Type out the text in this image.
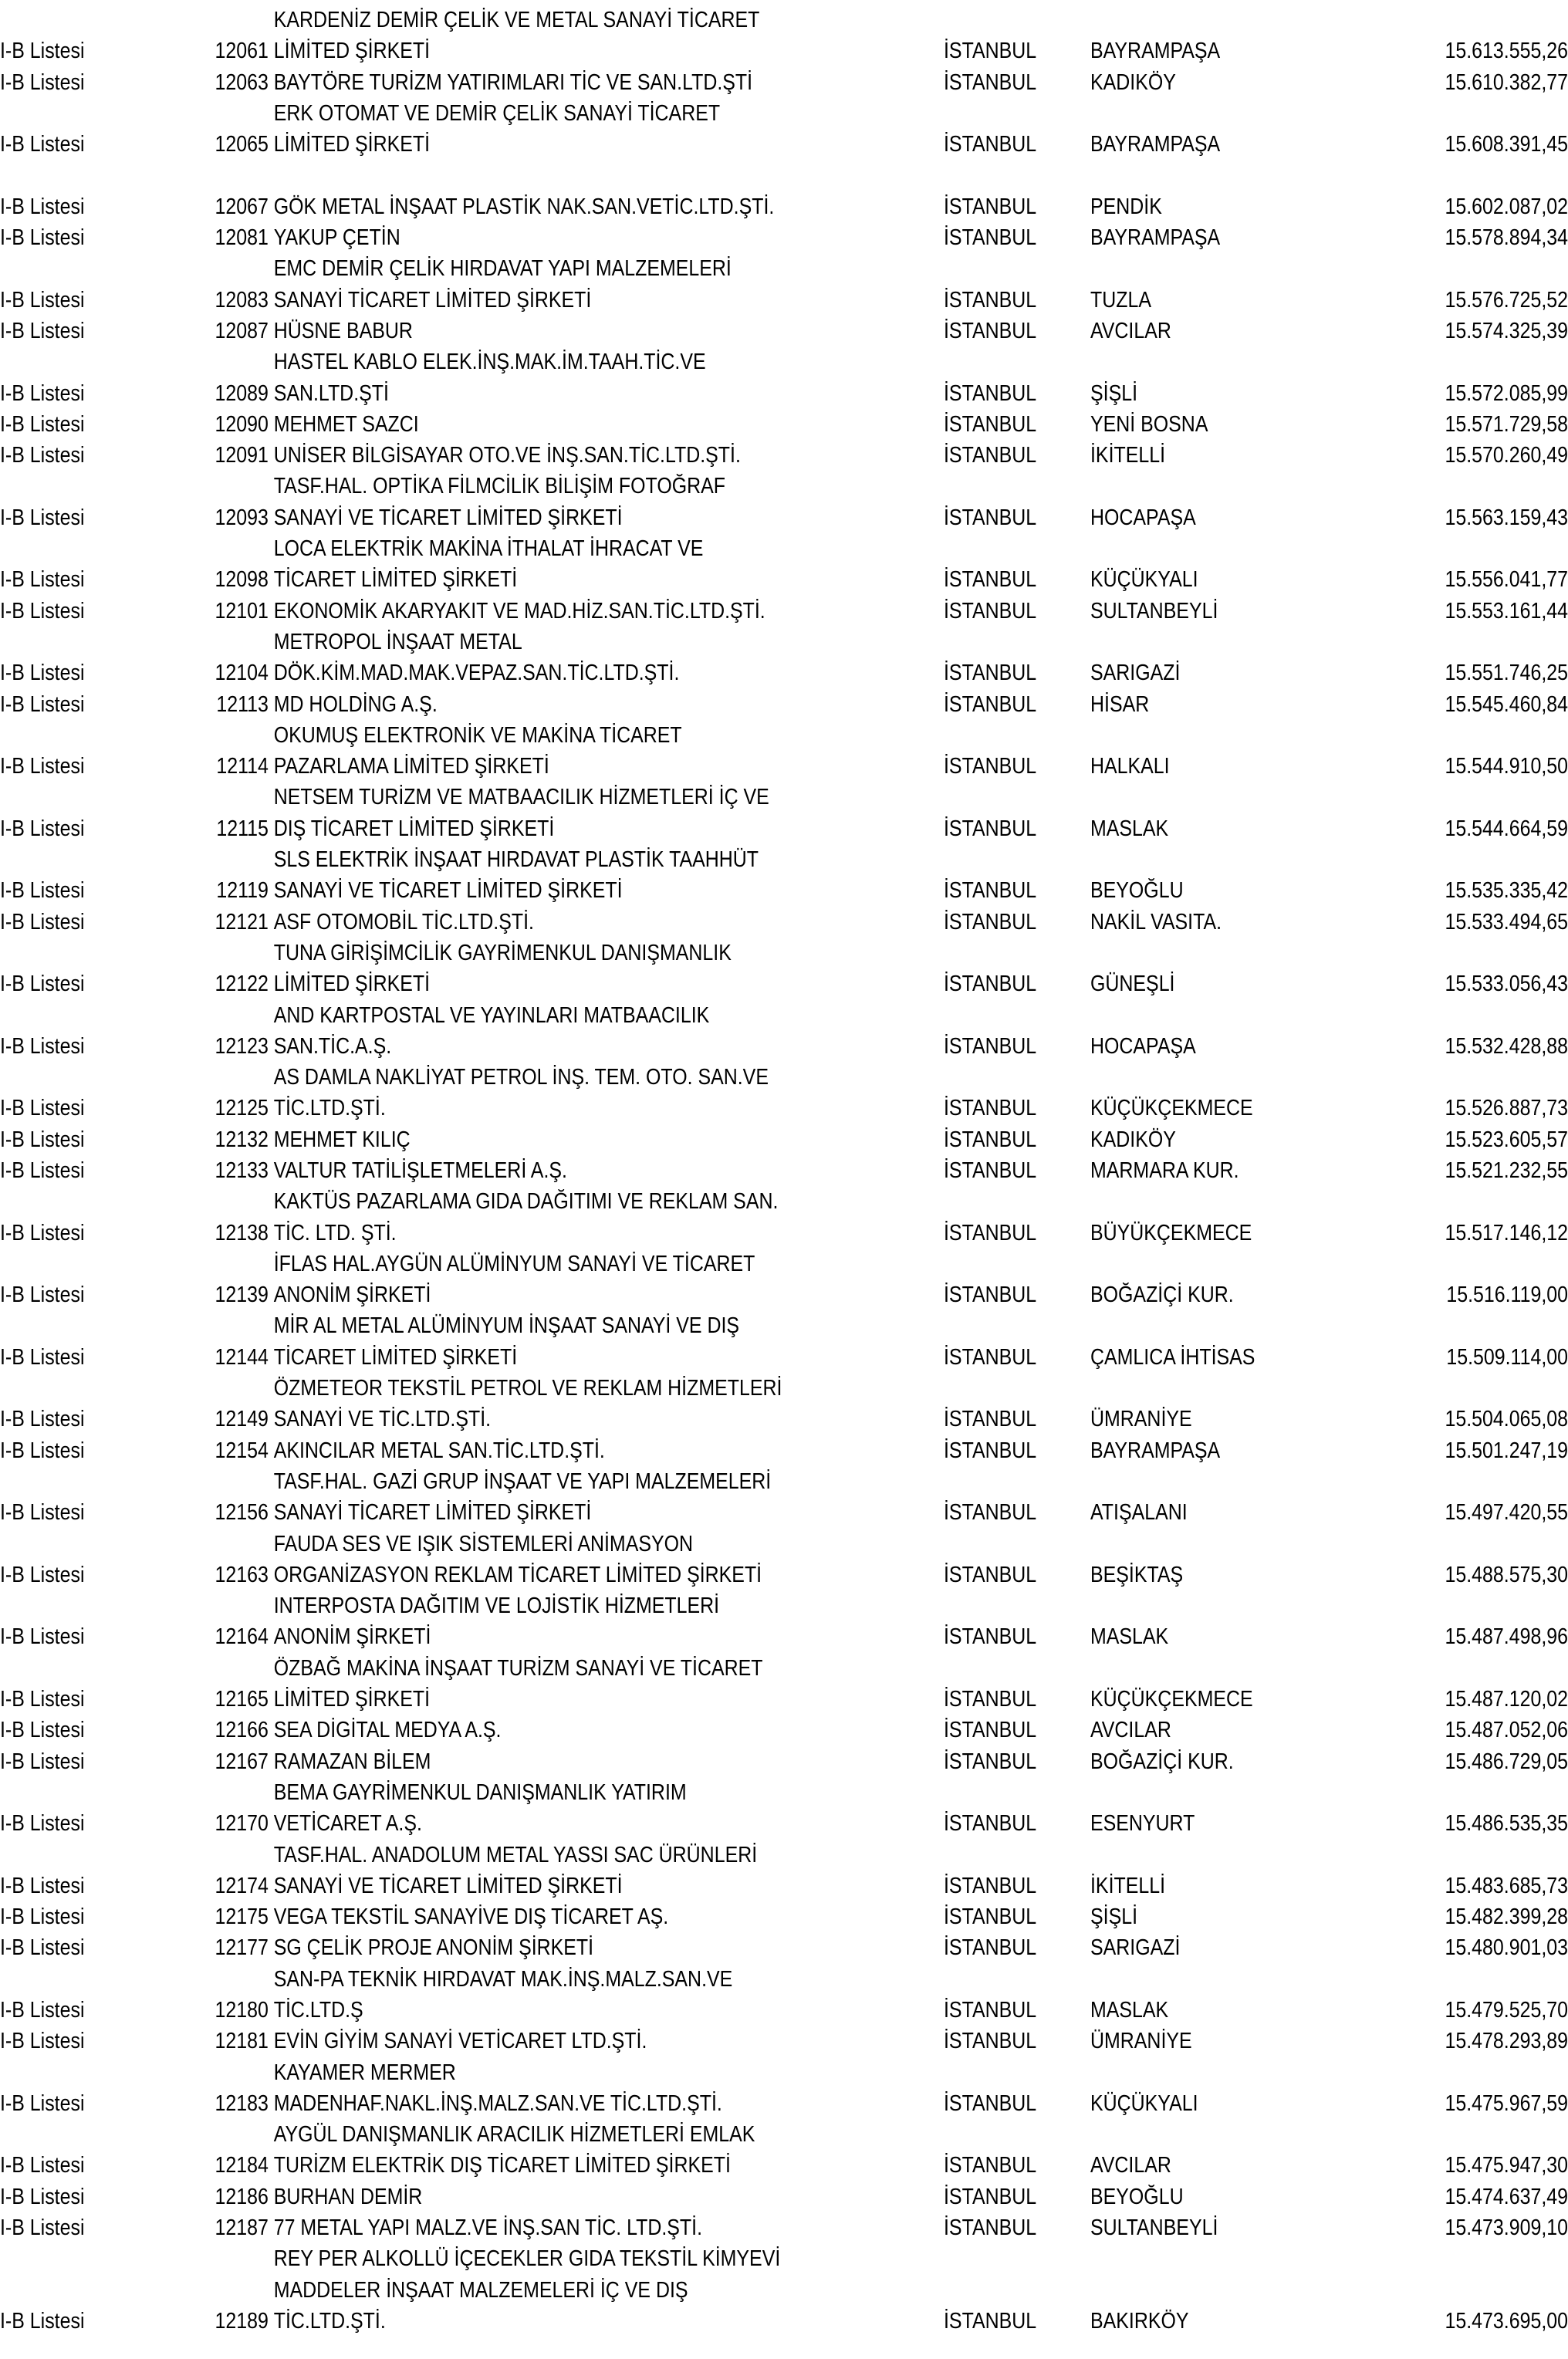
I-B Listesi	12061
KARDENİZ DEMİR ÇELİK VE METAL SANAYİ TİCARET
LİMİTED ŞİRKETİ	İSTANBUL	BAYRAMPAŞA	15.613.555,26
I-B Listesi	12063 BAYTÖRE TURİZM YATIRIMLARI TİC VE SAN.LTD.ŞTİ	İSTANBUL	KADIKÖY	15.610.382,77
I-B Listesi	12065
ERK OTOMAT VE DEMİR ÇELİK SANAYİ TİCARET
LİMİTED ŞİRKETİ	İSTANBUL	BAYRAMPAŞA	15.608.391,45
I-B Listesi	12067 GÖK METAL İNŞAAT PLASTİK NAK.SAN.VETİC.LTD.ŞTİ.	İSTANBUL	PENDİK	15.602.087,02
I-B Listesi	12081 YAKUP ÇETİN	İSTANBUL	BAYRAMPAŞA	15.578.894,34
I-B Listesi	12083
EMC DEMİR ÇELİK HIRDAVAT YAPI MALZEMELERİ
SANAYİ TİCARET LİMİTED ŞİRKETİ	İSTANBUL	TUZLA	15.576.725,52
I-B Listesi	12087 HÜSNE BABUR	İSTANBUL	AVCILAR	15.574.325,39
I-B Listesi	12089
HASTEL KABLO ELEK.İNŞ.MAK.İM.TAAH.TİC.VE
SAN.LTD.ŞTİ	İSTANBUL	ŞİŞLİ	15.572.085,99
I-B Listesi	12090 MEHMET SAZCI	İSTANBUL	YENİ BOSNA	15.571.729,58
I-B Listesi	12091 UNİSER BİLGİSAYAR OTO.VE İNŞ.SAN.TİC.LTD.ŞTİ.	İSTANBUL	İKİTELLİ	15.570.260,49
I-B Listesi	12093
TASF.HAL. OPTİKA FİLMCİLİK BİLİŞİM FOTOĞRAF
SANAYİ VE TİCARET LİMİTED ŞİRKETİ	İSTANBUL	HOCAPAŞA	15.563.159,43
I-B Listesi	12098
LOCA ELEKTRİK MAKİNA İTHALAT İHRACAT VE
TİCARET LİMİTED ŞİRKETİ	İSTANBUL	KÜÇÜKYALI	15.556.041,77
I-B Listesi	12101 EKONOMİK AKARYAKIT VE MAD.HİZ.SAN.TİC.LTD.ŞTİ.	İSTANBUL	SULTANBEYLİ	15.553.161,44
I-B Listesi	12104
METROPOL İNŞAAT METAL
DÖK.KİM.MAD.MAK.VEPAZ.SAN.TİC.LTD.ŞTİ.	İSTANBUL	SARIGAZİ	15.551.746,25
I-B Listesi	12113 MD HOLDİNG A.Ş.	İSTANBUL	HİSAR	15.545.460,84
I-B Listesi	12114
OKUMUŞ ELEKTRONİK VE MAKİNA TİCARET
PAZARLAMA LİMİTED ŞİRKETİ	İSTANBUL	HALKALI	15.544.910,50
I-B Listesi	12115
NETSEM TURİZM VE MATBAACILIK HİZMETLERİ İÇ VE
DIŞ TİCARET LİMİTED ŞİRKETİ	İSTANBUL	MASLAK	15.544.664,59
I-B Listesi	12119
SLS ELEKTRİK İNŞAAT HIRDAVAT PLASTİK TAAHHÜT
SANAYİ VE TİCARET LİMİTED ŞİRKETİ	İSTANBUL	BEYOĞLU	15.535.335,42
I-B Listesi	12121 ASF OTOMOBİL TİC.LTD.ŞTİ.	İSTANBUL	NAKİL VASITA.	15.533.494,65
I-B Listesi	12122
TUNA GİRİŞİMCİLİK GAYRİMENKUL DANIŞMANLIK
LİMİTED ŞİRKETİ	İSTANBUL	GÜNEŞLİ	15.533.056,43
I-B Listesi	12123
AND KARTPOSTAL VE YAYINLARI MATBAACILIK
SAN.TİC.A.Ş.	İSTANBUL	HOCAPAŞA	15.532.428,88
I-B Listesi	12125
AS DAMLA NAKLİYAT PETROL İNŞ. TEM. OTO. SAN.VE
TİC.LTD.ŞTİ.	İSTANBUL	KÜÇÜKÇEKMECE	15.526.887,73
I-B Listesi	12132 MEHMET KILIÇ	İSTANBUL	KADIKÖY	15.523.605,57
I-B Listesi	12133 VALTUR TATİLİŞLETMELERİ A.Ş.	İSTANBUL	MARMARA KUR.	15.521.232,55
I-B Listesi	12138
KAKTÜS PAZARLAMA GIDA DAĞITIMI VE REKLAM SAN.
TİC. LTD. ŞTİ.	İSTANBUL	BÜYÜKÇEKMECE	15.517.146,12
I-B Listesi	12139
İFLAS HAL.AYGÜN ALÜMİNYUM SANAYİ VE TİCARET
ANONİM ŞİRKETİ	İSTANBUL	BOĞAZİÇİ KUR.	15.516.119,00
I-B Listesi	12144
MİR AL METAL ALÜMİNYUM İNŞAAT SANAYİ VE DIŞ
TİCARET LİMİTED ŞİRKETİ	İSTANBUL	ÇAMLICA İHTİSAS	15.509.114,00
I-B Listesi	12149
ÖZMETEOR TEKSTİL PETROL VE REKLAM HİZMETLERİ
SANAYİ VE TİC.LTD.ŞTİ.	İSTANBUL	ÜMRANİYE	15.504.065,08
I-B Listesi	12154 AKINCILAR METAL SAN.TİC.LTD.ŞTİ.	İSTANBUL	BAYRAMPAŞA	15.501.247,19
I-B Listesi	12156
TASF.HAL. GAZİ GRUP İNŞAAT VE YAPI MALZEMELERİ
SANAYİ TİCARET LİMİTED ŞİRKETİ	İSTANBUL	ATIŞALANI	15.497.420,55
I-B Listesi	12163
FAUDA SES VE IŞIK SİSTEMLERİ ANİMASYON
ORGANİZASYON REKLAM TİCARET LİMİTED ŞİRKETİ	İSTANBUL	BEŞİKTAŞ	15.488.575,30
I-B Listesi	12164
INTERPOSTA DAĞITIM VE LOJİSTİK HİZMETLERİ
ANONİM ŞİRKETİ	İSTANBUL	MASLAK	15.487.498,96
I-B Listesi	12165
ÖZBAĞ MAKİNA İNŞAAT TURİZM SANAYİ VE TİCARET
LİMİTED ŞİRKETİ	İSTANBUL	KÜÇÜKÇEKMECE	15.487.120,02
I-B Listesi	12166 SEA DİGİTAL MEDYA A.Ş.	İSTANBUL	AVCILAR	15.487.052,06
I-B Listesi	12167 RAMAZAN BİLEM	İSTANBUL	BOĞAZİÇİ KUR.	15.486.729,05
I-B Listesi	12170
BEMA GAYRİMENKUL DANIŞMANLIK YATIRIM
VETİCARET A.Ş.	İSTANBUL	ESENYURT	15.486.535,35
I-B Listesi	12174
TASF.HAL. ANADOLUM METAL YASSI SAC ÜRÜNLERİ
SANAYİ VE TİCARET LİMİTED ŞİRKETİ	İSTANBUL	İKİTELLİ	15.483.685,73
I-B Listesi	12175 VEGA TEKSTİL SANAYİVE DIŞ TİCARET AŞ.	İSTANBUL	ŞİŞLİ	15.482.399,28
I-B Listesi	12177 SG ÇELİK PROJE ANONİM ŞİRKETİ	İSTANBUL	SARIGAZİ	15.480.901,03
I-B Listesi	12180
SAN-PA TEKNİK HIRDAVAT MAK.İNŞ.MALZ.SAN.VE
TİC.LTD.Ş	İSTANBUL	MASLAK	15.479.525,70
I-B Listesi	12181 EVİN GİYİM SANAYİ VETİCARET LTD.ŞTİ.	İSTANBUL	ÜMRANİYE	15.478.293,89
I-B Listesi	12183
KAYAMER MERMER
MADENHAF.NAKL.İNŞ.MALZ.SAN.VE TİC.LTD.ŞTİ.	İSTANBUL	KÜÇÜKYALI	15.475.967,59
I-B Listesi	12184
AYGÜL DANIŞMANLIK ARACILIK HİZMETLERİ EMLAK
TURİZM ELEKTRİK DIŞ TİCARET LİMİTED ŞİRKETİ	İSTANBUL	AVCILAR	15.475.947,30
I-B Listesi	12186 BURHAN DEMİR	İSTANBUL	BEYOĞLU	15.474.637,49
I-B Listesi	12187 77 METAL YAPI MALZ.VE İNŞ.SAN TİC. LTD.ŞTİ.	İSTANBUL	SULTANBEYLİ	15.473.909,10
I-B Listesi	12189
REY PER ALKOLLÜ İÇECEKLER GIDA TEKSTİL KİMYEVİ
MADDELER İNŞAAT MALZEMELERİ İÇ VE DIŞ
TİC.LTD.ŞTİ.	İSTANBUL	BAKIRKÖY	15.473.695,00
